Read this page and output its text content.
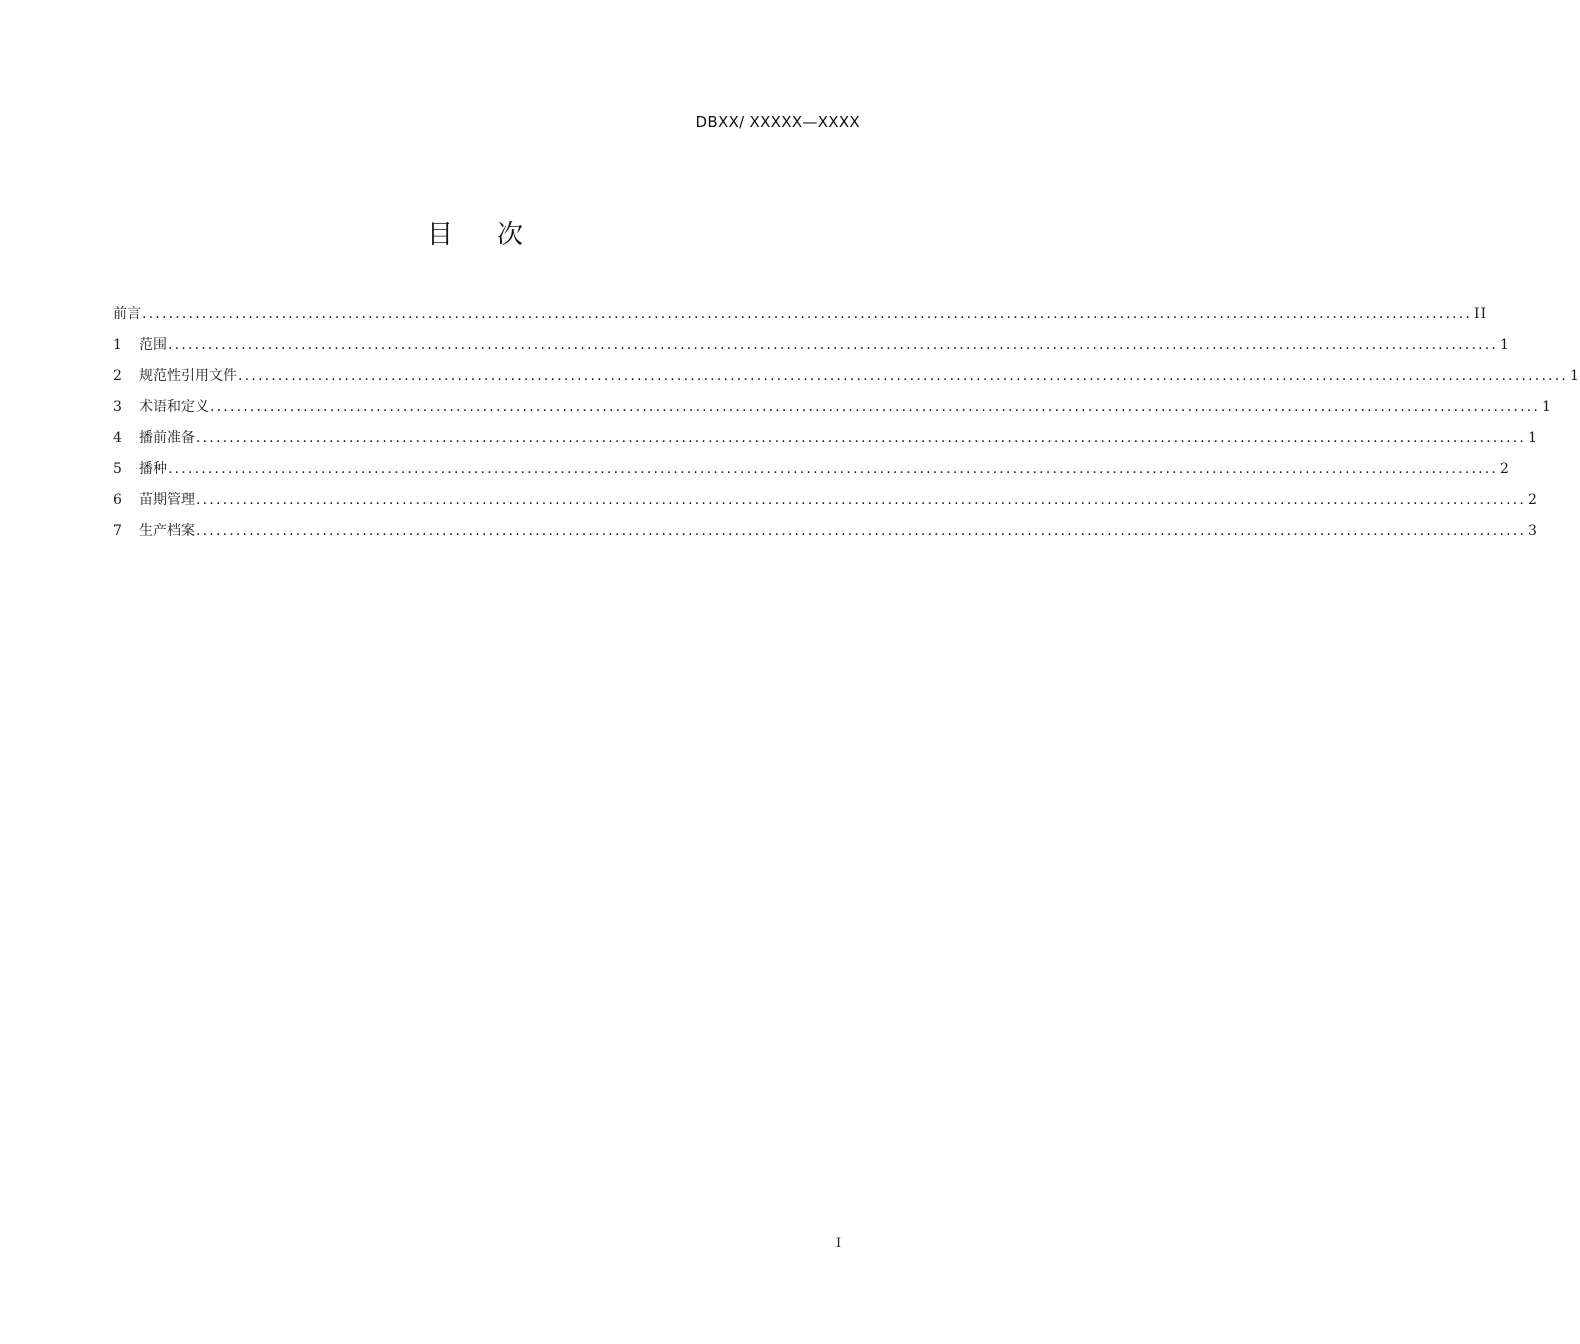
DBXX/ XXXXX—XXXX
目 次
前言 ........................................................................................................................................................................................................ II
1	范围 ........................................................................................................................................................................................................ 1
2	规范性引用文件 ........................................................................................................................................................................................................ 1
3	术语和定义 ........................................................................................................................................................................................................ 1
4	播前准备 ........................................................................................................................................................................................................ 1
5	播种 ........................................................................................................................................................................................................ 2
6	苗期管理 ........................................................................................................................................................................................................ 2
7	生产档案 ........................................................................................................................................................................................................ 3
I
